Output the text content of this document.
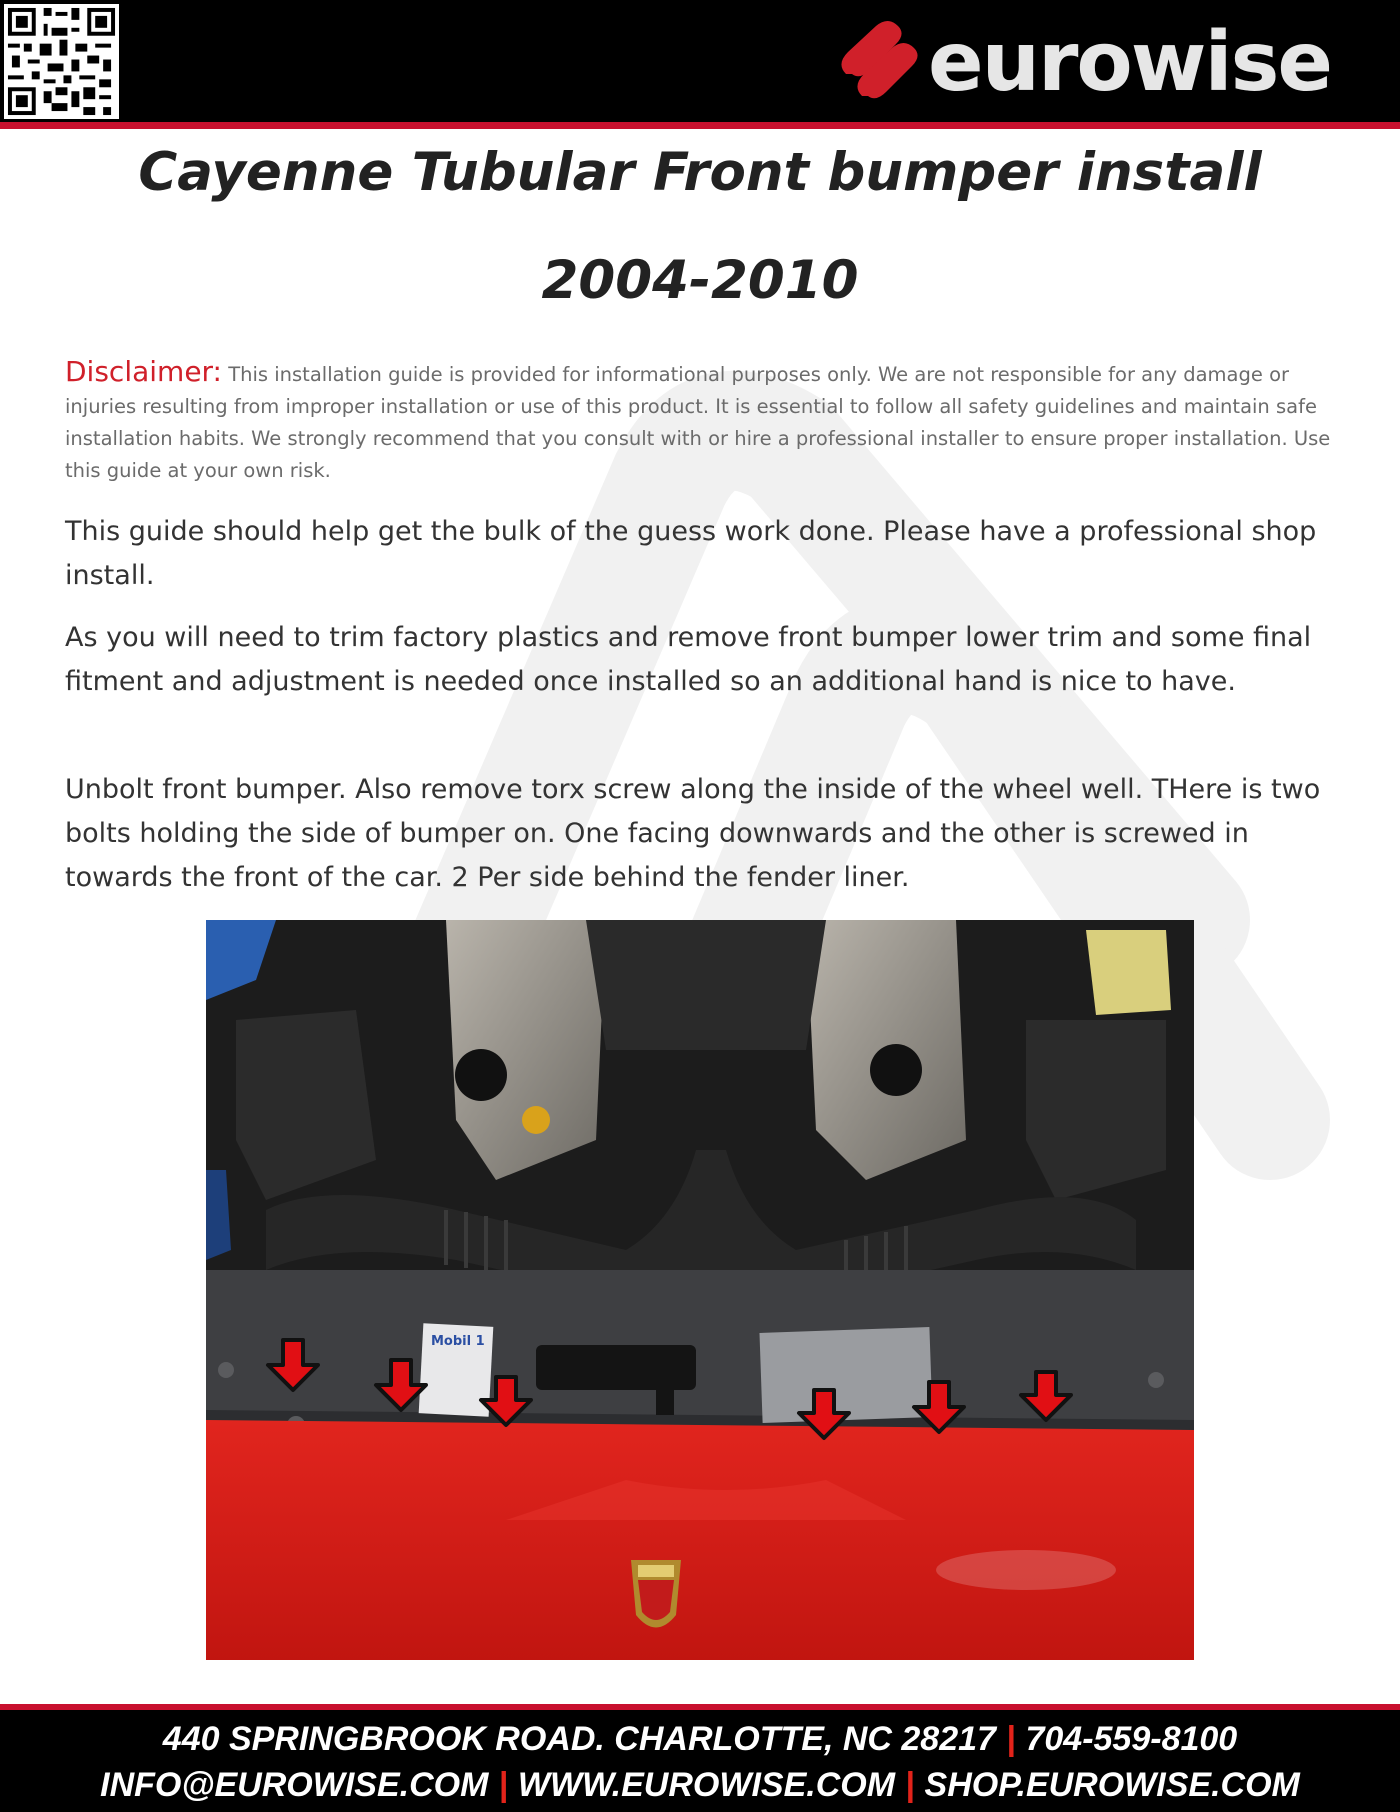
eurowise
Cayenne Tubular Front bumper install
2004-2010

Disclaimer: This installation guide is provided for informational purposes only. We are not responsible for any damage or injuries resulting from improper installation or use of this product. It is essential to follow all safety guidelines and maintain safe installation habits. We strongly recommend that you consult with or hire a professional installer to ensure proper installation. Use this guide at your own risk.

This guide should help get the bulk of the guess work done. Please have a professional shop install.

As you will need to trim factory plastics and remove front bumper lower trim and some final fitment and adjustment is needed once installed so an additional hand is nice to have.

Unbolt front bumper. Also remove torx screw along the inside of the wheel well. THere is two bolts holding the side of bumper on. One facing downwards and the other is screwed in towards the front of the car. 2 Per side behind the fender liner.

Mobil 1
440 SPRINGBROOK ROAD. CHARLOTTE, NC 28217 | 704-559-8100
INFO@EUROWISE.COM | WWW.EUROWISE.COM | SHOP.EUROWISE.COM
